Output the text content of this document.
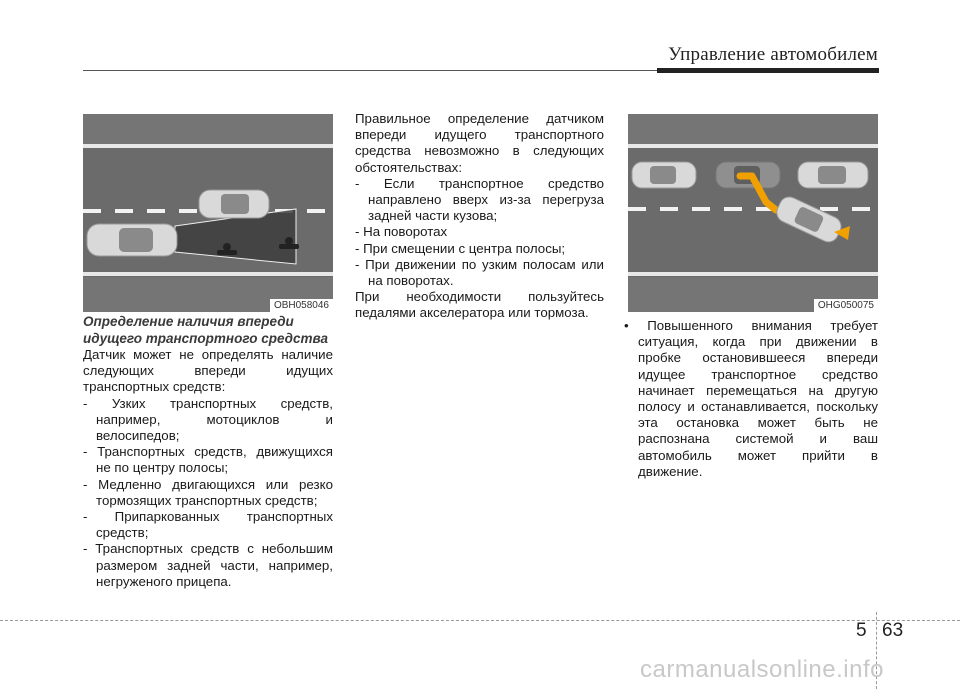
Управление автомобилем
OBH058046	OHG050075

Определение наличия впереди идущего транспортного средства

Датчик может не определять наличие следующих впереди идущих транспортных средств:

- Узких транспортных средств, например, мотоциклов и велосипедов;

- Транспортных средств, движущихся не по центру полосы;

- Медленно двигающихся или резко тормозящих транспортных средств;

- Припаркованных транспортных средств;

- Транспортных средств с небольшим размером задней части, например, негруженого прицепа.

Правильное определение датчиком впереди идущего транспортного средства невозможно в следующих обстоятельствах:

- Если транспортное средство направлено вверх из-за перегруза задней части кузова;

- На поворотах

- При смещении с центра полосы;

- При движении по узким полосам или на поворотах.

При необходимости пользуйтесь педалями акселератора или тормоза.

• Повышенного внимания требует ситуация, когда при движении в пробке остановившееся впереди идущее транспортное средство начинает перемещаться на другую полосу и останавливается, поскольку эта остановка может быть не распознана системой и ваш автомобиль может прийти в движение.

5 63
carmanualsonline.info
